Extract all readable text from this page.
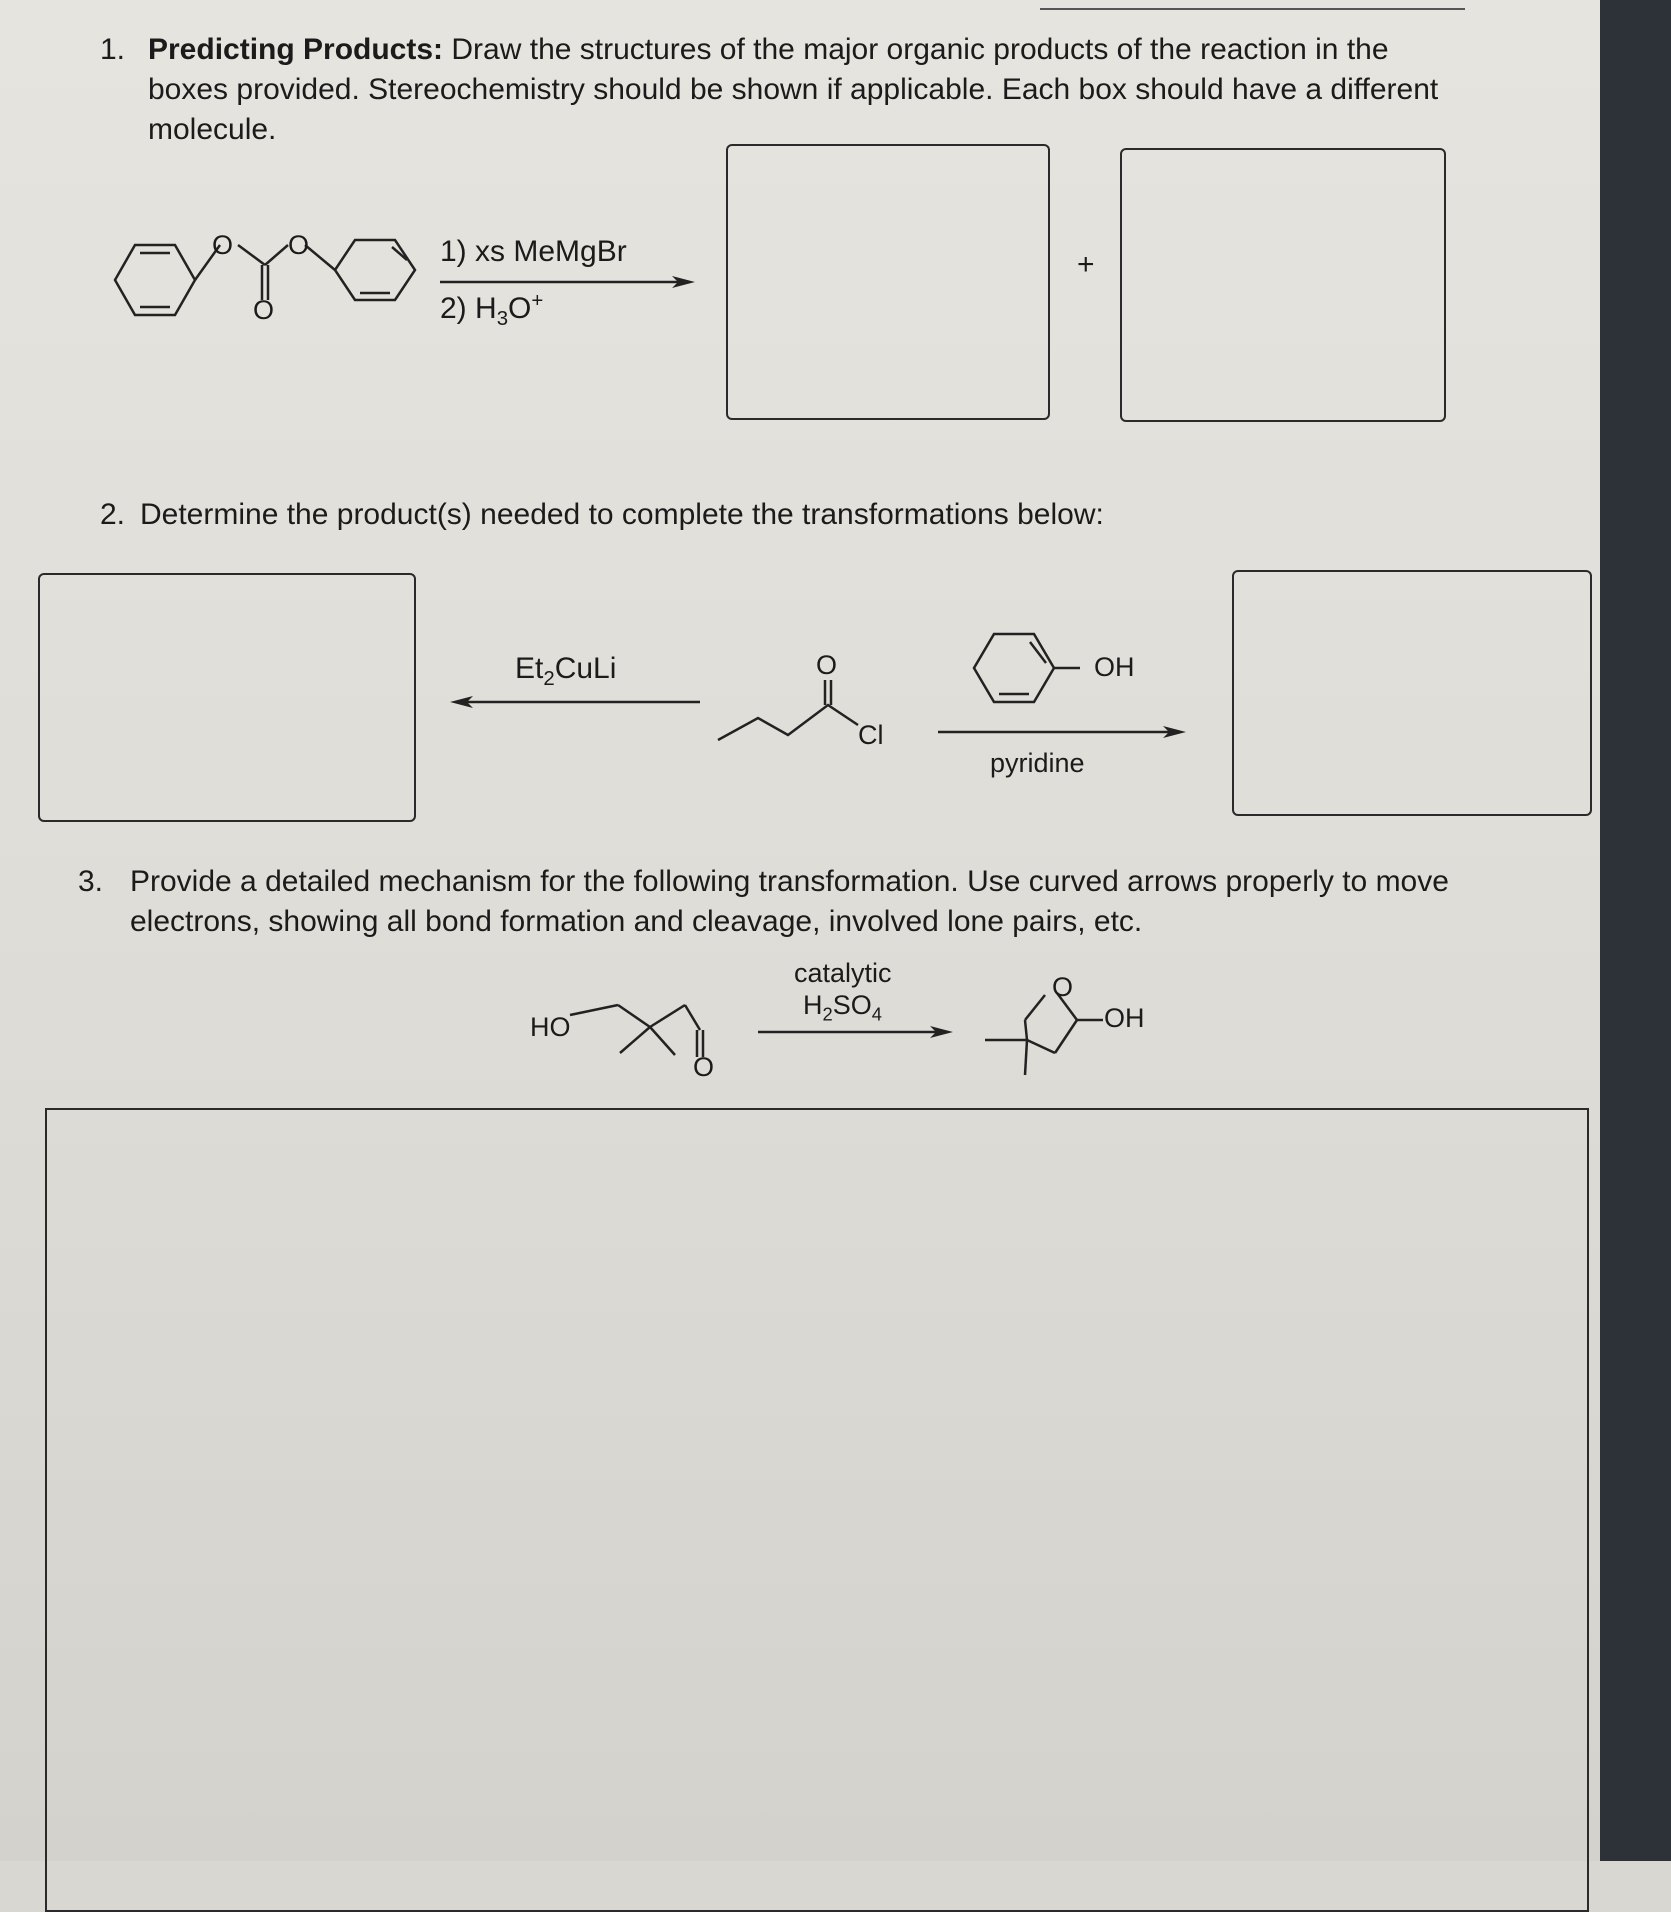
1. Predicting Products: Draw the structures of the major organic products of the reaction in the boxes provided. Stereochemistry should be shown if applicable. Each box should have a different molecule.
O O
O
1) xs MeMgBr
2) $H_3O^+$
+
2. Determine the product(s) needed to complete the transformations below:
$Et_2CuLi$	O
Cl
OH
pyridine
3. Provide a detailed mechanism for the following transformation. Use curved arrows properly to move electrons, showing all bond formation and cleavage, involved lone pairs, etc.
HO
O
catalytic
$H_2SO_4$
O
OH
